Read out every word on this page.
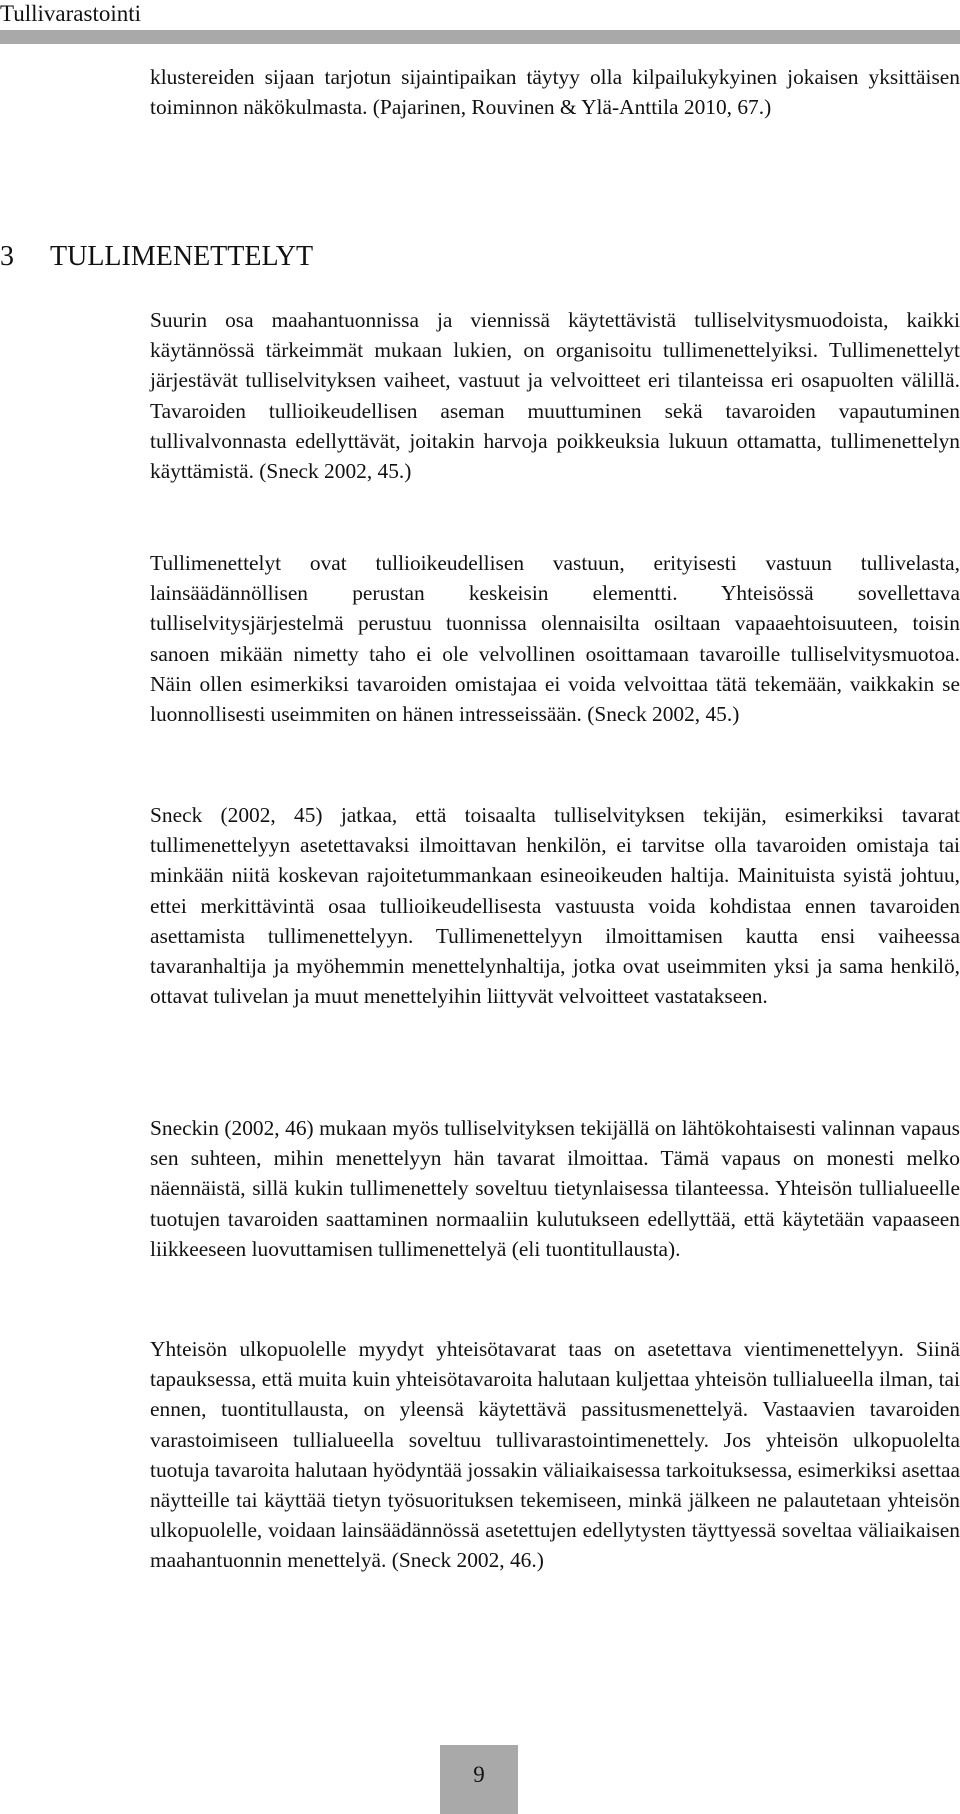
Tullivarastointi

klustereiden sijaan tarjotun sijaintipaikan täytyy olla kilpailukykyinen jokaisen yksittäisen toiminnon näkökulmasta. (Pajarinen, Rouvinen & Ylä-Anttila 2010, 67.)

3 TULLIMENETTELYT

Suurin osa maahantuonnissa ja viennissä käytettävistä tulliselvitysmuodoista, kaikki käytännössä tärkeimmät mukaan lukien, on organisoitu tullimenettelyiksi. Tullimenettelyt järjestävät tulliselvityksen vaiheet, vastuut ja velvoitteet eri tilanteissa eri osapuolten välillä. Tavaroiden tullioikeudellisen aseman muuttuminen sekä tavaroiden vapautuminen tullivalvonnasta edellyttävät, joitakin harvoja poikkeuksia lukuun ottamatta, tullimenettelyn käyttämistä. (Sneck 2002, 45.)

Tullimenettelyt ovat tullioikeudellisen vastuun, erityisesti vastuun tullivelasta, lainsäädännöllisen perustan keskeisin elementti. Yhteisössä sovellettava tulliselvitysjärjestelmä perustuu tuonnissa olennaisilta osiltaan vapaaehtoisuuteen, toisin sanoen mikään nimetty taho ei ole velvollinen osoittamaan tavaroille tulliselvitysmuotoa. Näin ollen esimerkiksi tavaroiden omistajaa ei voida velvoittaa tätä tekemään, vaikkakin se luonnollisesti useimmiten on hänen intresseissään. (Sneck 2002, 45.)

Sneck (2002, 45) jatkaa, että toisaalta tulliselvityksen tekijän, esimerkiksi tavarat tullimenettelyyn asetettavaksi ilmoittavan henkilön, ei tarvitse olla tavaroiden omistaja tai minkään niitä koskevan rajoitetummankaan esineoikeuden haltija. Mainituista syistä johtuu, ettei merkittävintä osaa tullioikeudellisesta vastuusta voida kohdistaa ennen tavaroiden asettamista tullimenettelyyn. Tullimenettelyyn ilmoittamisen kautta ensi vaiheessa tavaranhaltija ja myöhemmin menettelynhaltija, jotka ovat useimmiten yksi ja sama henkilö, ottavat tulivelan ja muut menettelyihin liittyvät velvoitteet vastatakseen.

Sneckin (2002, 46) mukaan myös tulliselvityksen tekijällä on lähtökohtaisesti valinnan vapaus sen suhteen, mihin menettelyyn hän tavarat ilmoittaa. Tämä vapaus on monesti melko näennäistä, sillä kukin tullimenettely soveltuu tietynlaisessa tilanteessa. Yhteisön tullialueelle tuotujen tavaroiden saattaminen normaaliin kulutukseen edellyttää, että käytetään vapaaseen liikkeeseen luovuttamisen tullimenettelyä (eli tuontitullausta).

Yhteisön ulkopuolelle myydyt yhteisötavarat taas on asetettava vientimenettelyyn. Siinä tapauksessa, että muita kuin yhteisötavaroita halutaan kuljettaa yhteisön tullialueella ilman, tai ennen, tuontitullausta, on yleensä käytettävä passitusmenettelyä. Vastaavien tavaroiden varastoimiseen tullialueella soveltuu tullivarastointimenettely. Jos yhteisön ulkopuolelta tuotuja tavaroita halutaan hyödyntää jossakin väliaikaisessa tarkoituksessa, esimerkiksi asettaa näytteille tai käyttää tietyn työsuorituksen tekemiseen, minkä jälkeen ne palautetaan yhteisön ulkopuolelle, voidaan lainsäädännössä asetettujen edellytysten täyttyessä soveltaa väliaikaisen maahantuonnin menettelyä. (Sneck 2002, 46.)

9
